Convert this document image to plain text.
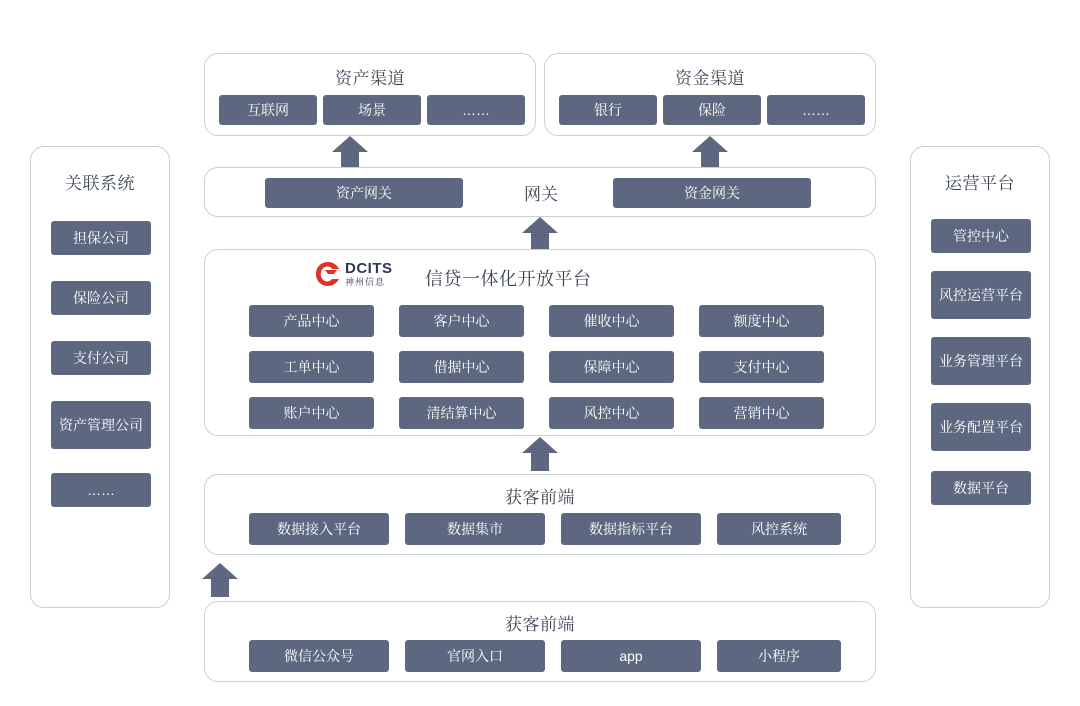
关联系统
担保公司
保险公司
支付公司
资产管理公司
……
运营平台
管控中心
风控运营平台
业务管理平台
业务配置平台
数据平台
资产渠道
互联网	场景	……
资金渠道
银行	保险	……
资产网关	网关	资金网关
DCITS
神州信息	信贷一体化开放平台
产品中心	客户中心	催收中心	额度中心
工单中心	借据中心	保障中心	支付中心
账户中心	清结算中心	风控中心	营销中心
获客前端
数据接入平台	数据集市	数据指标平台	风控系统
获客前端
微信公众号	官网入口	app	小程序
